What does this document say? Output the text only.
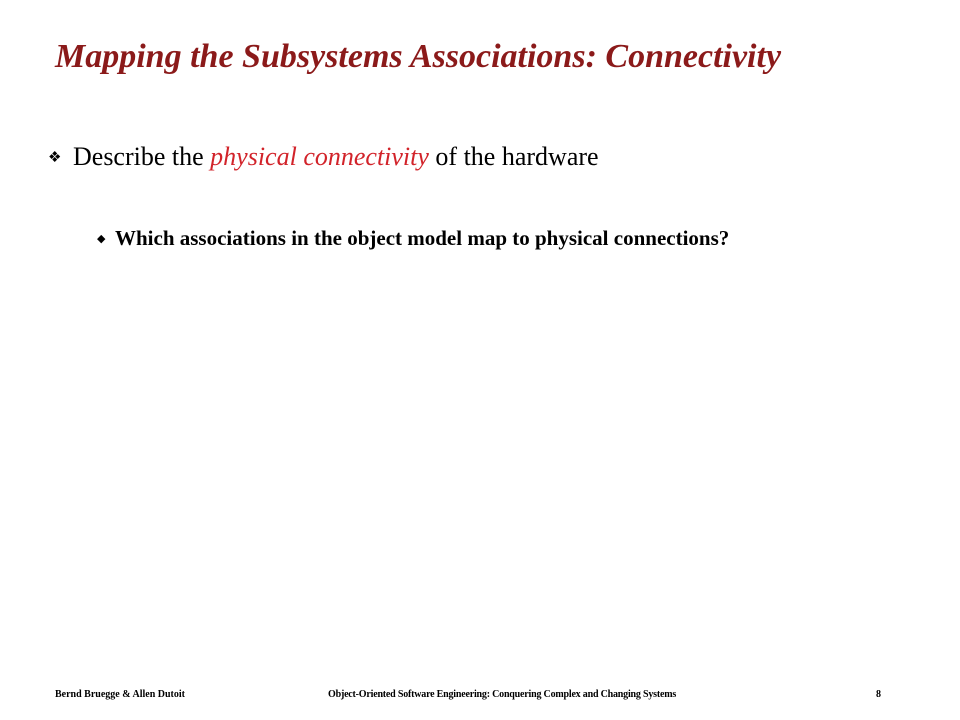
Mapping the Subsystems Associations: Connectivity
❖ Describe the physical connectivity of the hardware
◆ Which associations in the object model map to physical connections?
Bernd Bruegge & Allen Dutoit	Object-Oriented Software Engineering: Conquering Complex and Changing Systems	8
